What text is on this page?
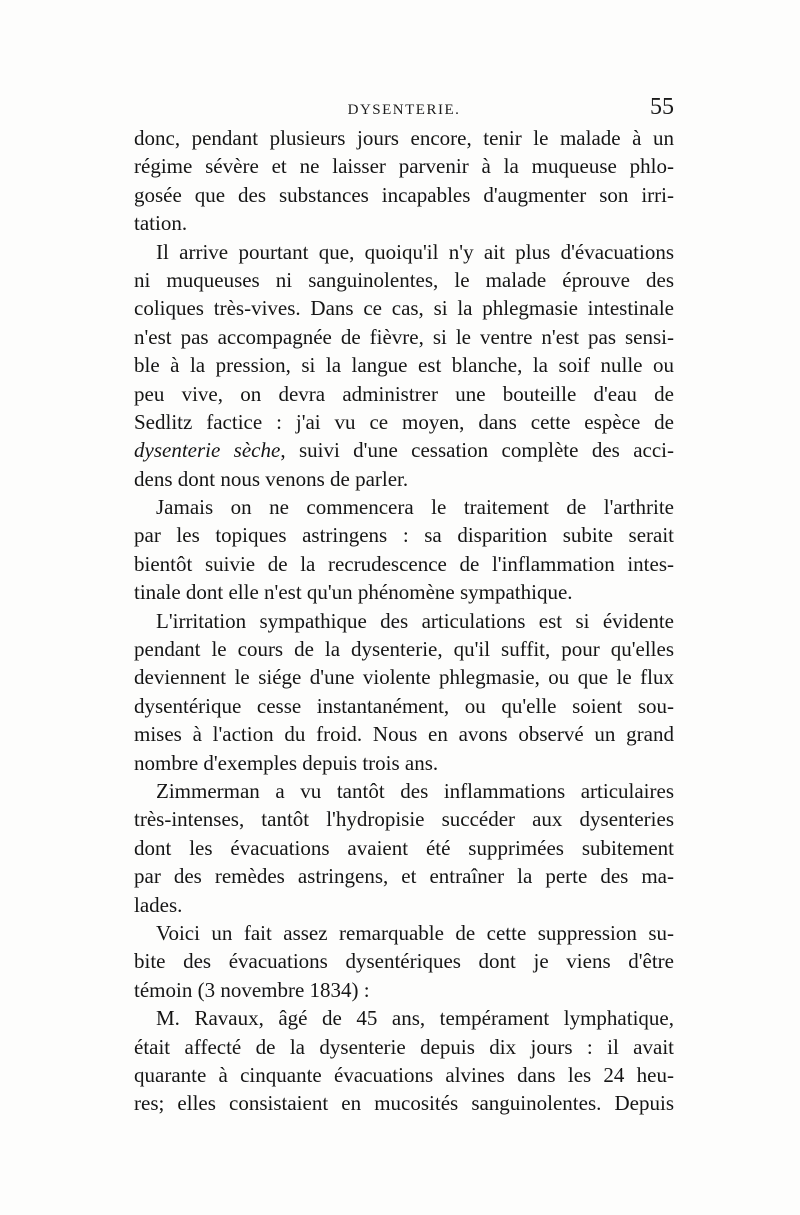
DYSENTERIE.	55
donc, pendant plusieurs jours encore, tenir le malade à un
régime sévère et ne laisser parvenir à la muqueuse phlo-
gosée que des substances incapables d'augmenter son irri-
tation.
Il arrive pourtant que, quoiqu'il n'y ait plus d'évacuations
ni muqueuses ni sanguinolentes, le malade éprouve des
coliques très-vives. Dans ce cas, si la phlegmasie intestinale
n'est pas accompagnée de fièvre, si le ventre n'est pas sensi-
ble à la pression, si la langue est blanche, la soif nulle ou
peu vive, on devra administrer une bouteille d'eau de
Sedlitz factice : j'ai vu ce moyen, dans cette espèce de
dysenterie sèche, suivi d'une cessation complète des acci-
dens dont nous venons de parler.
Jamais on ne commencera le traitement de l'arthrite
par les topiques astringens : sa disparition subite serait
bientôt suivie de la recrudescence de l'inflammation intes-
tinale dont elle n'est qu'un phénomène sympathique.
L'irritation sympathique des articulations est si évidente
pendant le cours de la dysenterie, qu'il suffit, pour qu'elles
deviennent le siége d'une violente phlegmasie, ou que le flux
dysentérique cesse instantanément, ou qu'elle soient sou-
mises à l'action du froid. Nous en avons observé un grand
nombre d'exemples depuis trois ans.
Zimmerman a vu tantôt des inflammations articulaires
très-intenses, tantôt l'hydropisie succéder aux dysenteries
dont les évacuations avaient été supprimées subitement
par des remèdes astringens, et entraîner la perte des ma-
lades.
Voici un fait assez remarquable de cette suppression su-
bite des évacuations dysentériques dont je viens d'être
témoin (3 novembre 1834) :
M. Ravaux, âgé de 45 ans, tempérament lymphatique,
était affecté de la dysenterie depuis dix jours : il avait
quarante à cinquante évacuations alvines dans les 24 heu-
res; elles consistaient en mucosités sanguinolentes. Depuis
